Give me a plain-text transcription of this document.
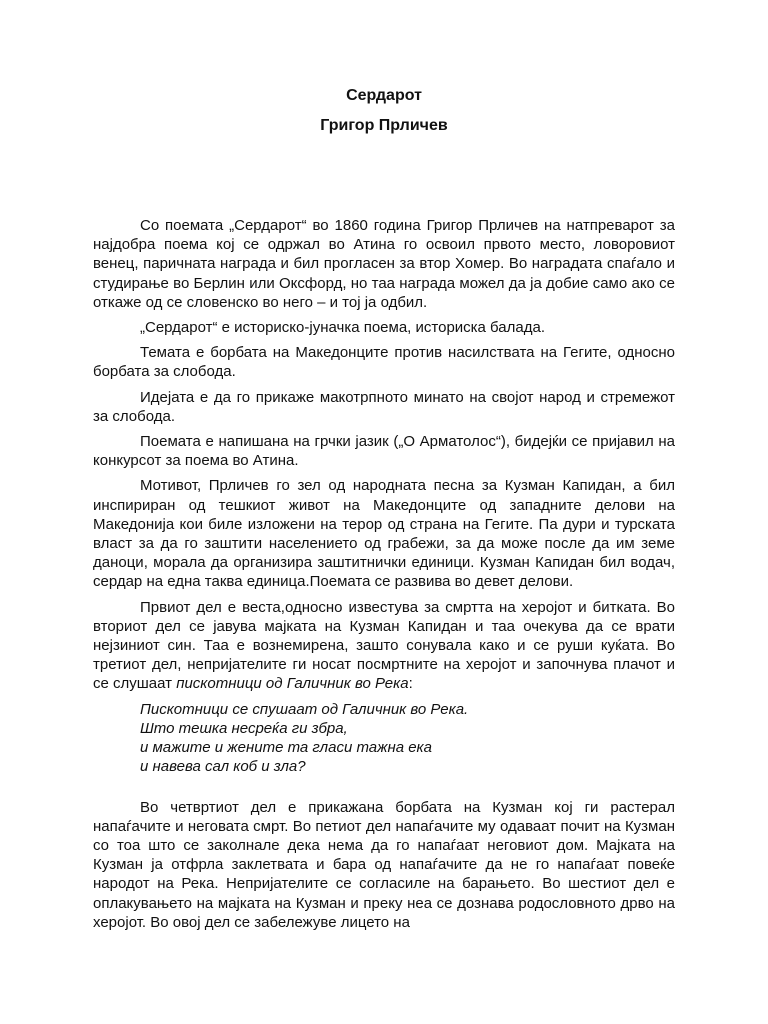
Сердарот
Григор Прличев

Со поемата „Сердарот“ во 1860 година Григор Прличев на натпреварот за најдобра поема кој се одржал во Атина го освоил првото место, ловоровиот венец, паричната награда и бил прогласен за втор Хомер. Во наградата спаѓало и студирање во Берлин или Оксфорд, но таа награда можел да ја добие само ако се откаже од се словенско во него – и тој ја одбил.

„Сердарот“ е историско-јуначка поема, историска балада.

Темата е борбата на Македонците против насилствата на Гегите, односно борбата за слобода.

Идејата е да го прикаже макотрпното минато на својот народ и стремежот за слобода.

Поемата е напишана на грчки јазик („О Арматолос“), бидејќи се пријавил на конкурсот за поема во Атина.

Мотивот, Прличев го зел од народната песна за Кузман Капидан, а бил инспириран од тешкиот живот на Македонците од западните делови на Македонија кои биле изложени на терор од страна на Гегите. Па дури и турската власт за да го заштити населението од грабежи, за да може после да им земе даноци, морала да организира заштитнички единици. Кузман Капидан бил водач, сердар на една таква единица.Поемата се развива во девет делови.

Првиот дел е веста,односно известува за смртта на херојот и битката. Во вториот дел се јавува мајката на Кузман Капидан и таа очекува да се врати нејзиниот син. Таа е вознемирена, зашто сонувала како и се руши куќата. Во третиот дел, непријателите ги носат посмртните на херојот и започнува плачот и се слушаат пискотници од Галичник во Река:

Пискотници се спушаат од Галичник во Река.
Што тешка несреќа ги збра,
и мажите и жените та гласи тажна ека
и навева сал коб и зла?

Во четвртиот дел е прикажана борбата на Кузман кој ги растерал напаѓачите и неговата смрт. Во петиот дел напаѓачите му одаваат почит на Кузман со тоа што се заколнале дека нема да го напаѓаат неговиот дом. Мајката на Кузман ја отфрла заклетвата и бара од напаѓачите да не го напаѓаат повеќе народот на Река. Непријателите се согласиле на барањето. Во шестиот дел е оплакувањето на мајката на Кузман и преку неа се дознава родословното дрво на херојот. Во овој дел се забележуве лицето на
